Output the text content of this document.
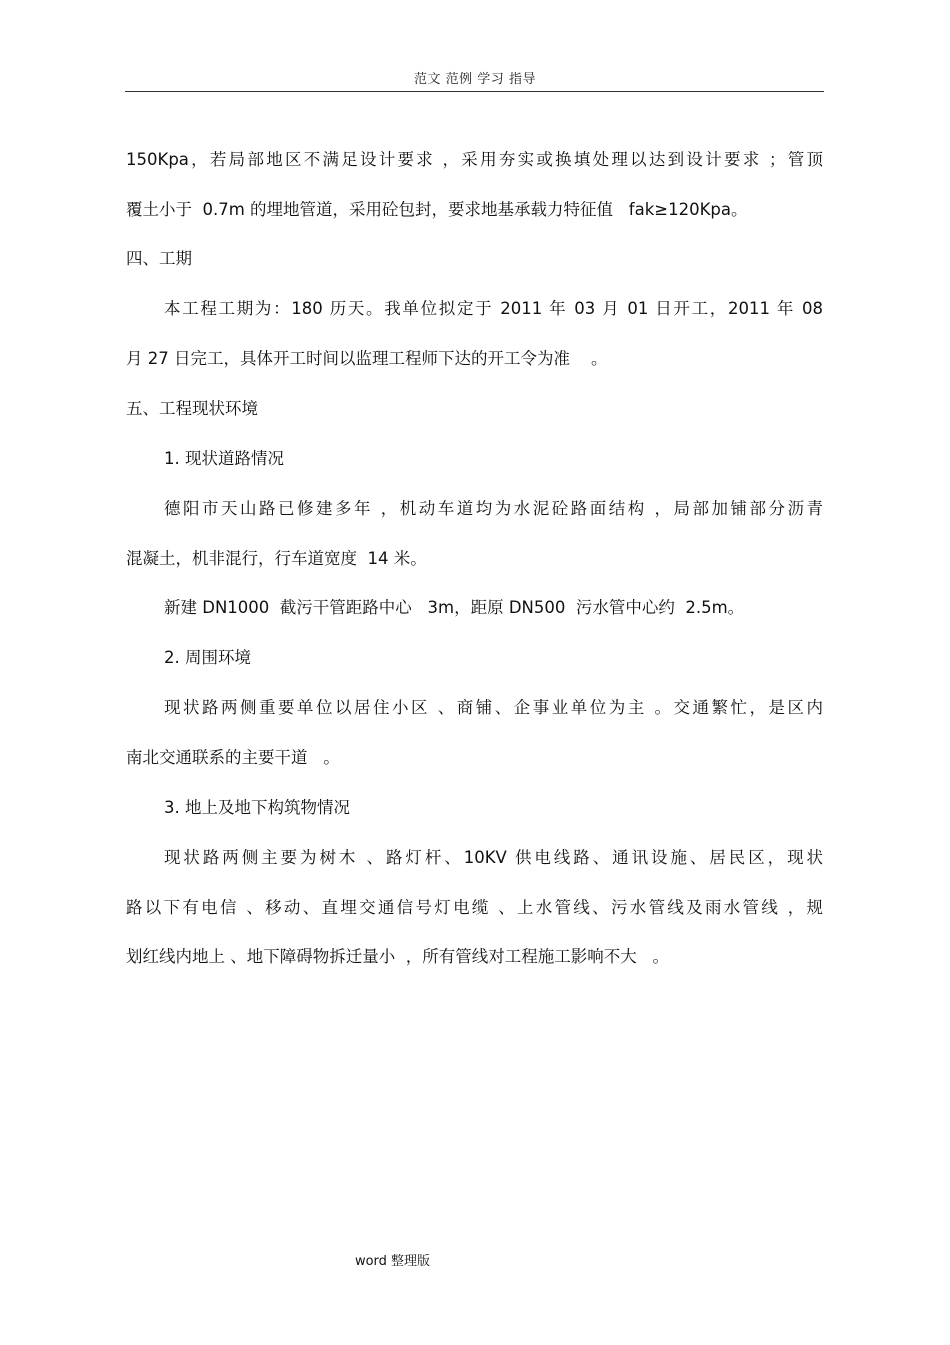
范文 范例 学习 指导
150Kpa，若局部地区不满足设计要求 ，采用夯实或换填处理以达到设计要求 ；管顶
覆土小于  0.7m 的埋地管道，采用砼包封，要求地基承载力特征值   fak≥120Kpa。
四、工期
本工程工期为：180 历天。我单位拟定于 2011 年 03 月 01 日开工，2011 年 08
月 27 日完工，具体开工时间以监理工程师下达的开工令为准    。
五、工程现状环境
1. 现状道路情况
德阳市天山路已修建多年 ，机动车道均为水泥砼路面结构 ，局部加铺部分沥青
混凝土，机非混行，行车道宽度  14 米。
新建 DN1000  截污干管距路中心   3m，距原 DN500  污水管中心约  2.5m。
2. 周围环境
现状路两侧重要单位以居住小区 、商铺、企事业单位为主 。交通繁忙，是区内
南北交通联系的主要干道   。
3. 地上及地下构筑物情况
现状路两侧主要为树木 、路灯杆、10KV 供电线路、通讯设施、居民区，现状
路以下有电信 、移动、直埋交通信号灯电缆 、上水管线、污水管线及雨水管线 ，规
划红线内地上 、地下障碍物拆迁量小  ，所有管线对工程施工影响不大   。
word 整理版
